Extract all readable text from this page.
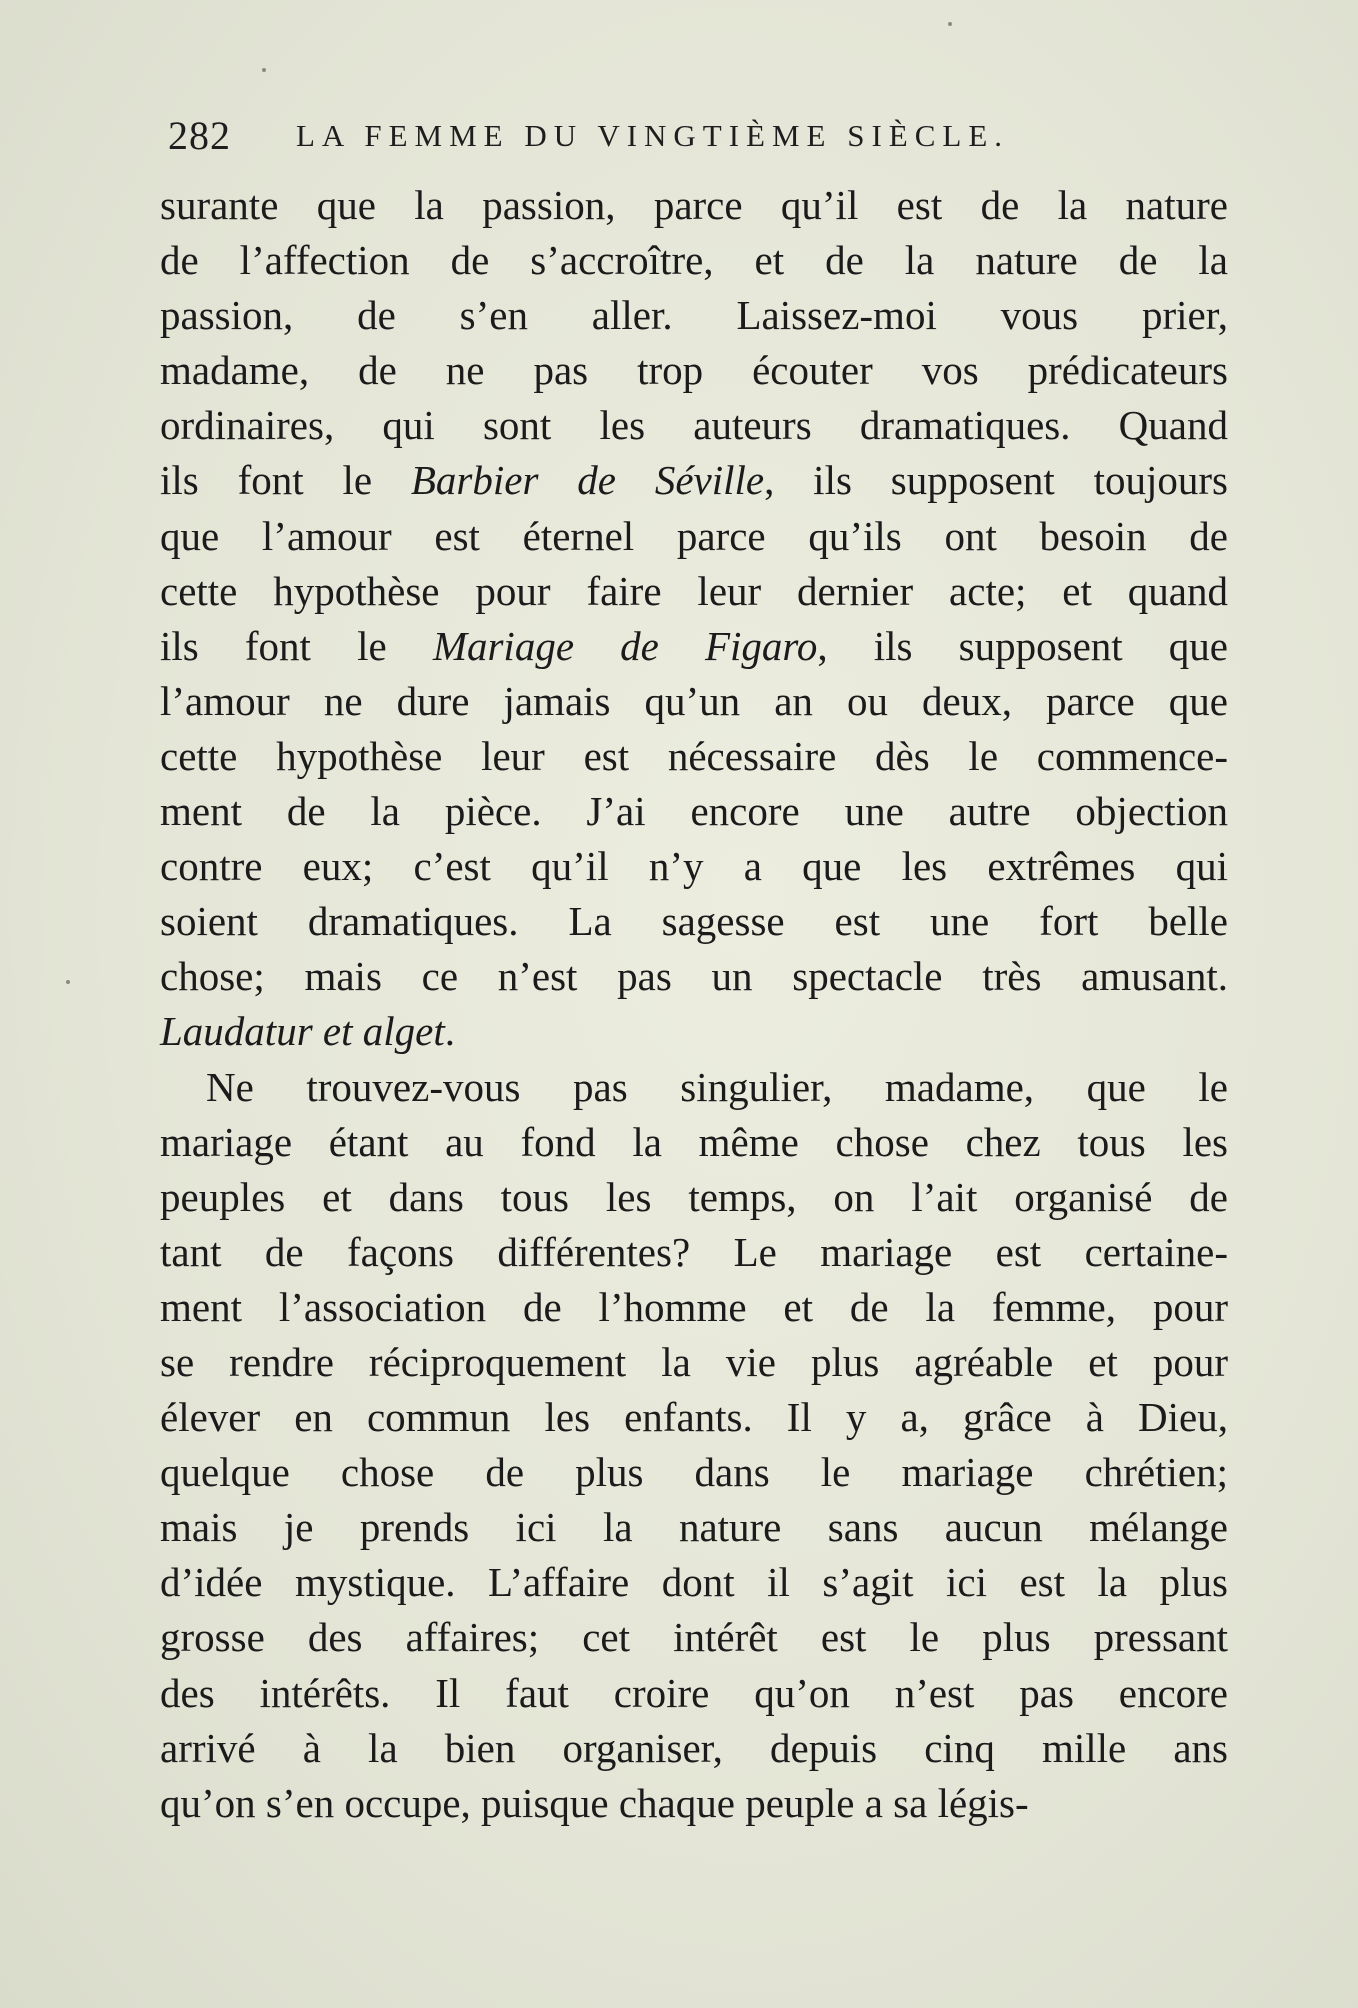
282 LA FEMME DU VINGTIÈME SIÈCLE.
surante que la passion, parce qu’il est de la nature
de l’affection de s’accroître, et de la nature de la
passion, de s’en aller. Laissez-moi vous prier,
madame, de ne pas trop écouter vos prédicateurs
ordinaires, qui sont les auteurs dramatiques. Quand
ils font le Barbier de Séville, ils supposent toujours
que l’amour est éternel parce qu’ils ont besoin de
cette hypothèse pour faire leur dernier acte; et quand
ils font le Mariage de Figaro, ils supposent que
l’amour ne dure jamais qu’un an ou deux, parce que
cette hypothèse leur est nécessaire dès le commence-
ment de la pièce. J’ai encore une autre objection
contre eux; c’est qu’il n’y a que les extrêmes qui
soient dramatiques. La sagesse est une fort belle
chose; mais ce n’est pas un spectacle très amusant.
Laudatur et alget.
Ne trouvez-vous pas singulier, madame, que le
mariage étant au fond la même chose chez tous les
peuples et dans tous les temps, on l’ait organisé de
tant de façons différentes? Le mariage est certaine-
ment l’association de l’homme et de la femme, pour
se rendre réciproquement la vie plus agréable et pour
élever en commun les enfants. Il y a, grâce à Dieu,
quelque chose de plus dans le mariage chrétien;
mais je prends ici la nature sans aucun mélange
d’idée mystique. L’affaire dont il s’agit ici est la plus
grosse des affaires; cet intérêt est le plus pressant
des intérêts. Il faut croire qu’on n’est pas encore
arrivé à la bien organiser, depuis cinq mille ans
qu’on s’en occupe, puisque chaque peuple a sa légis-
